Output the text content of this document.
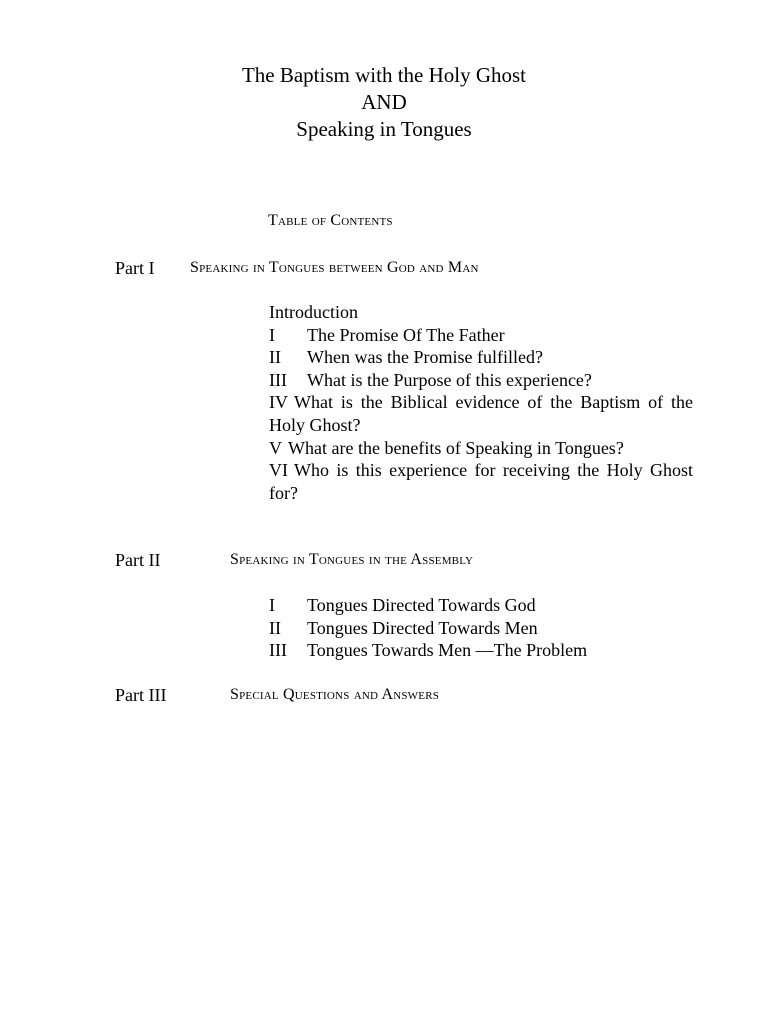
The Baptism with the Holy Ghost
AND
Speaking in Tongues
Table of Contents
Part I Speaking in Tongues between God and Man
Introduction
I The Promise Of The Father
II When was the Promise fulfilled?
III What is the Purpose of this experience?
IV What is the Biblical evidence of the Baptism of the Holy Ghost?
V What are the benefits of Speaking in Tongues?
VI Who is this experience for receiving the Holy Ghost for?
Part II	Speaking in Tongues in the Assembly
I Tongues Directed Towards God
II Tongues Directed Towards Men
III Tongues Towards Men —The Problem
Part III	Special Questions and Answers
